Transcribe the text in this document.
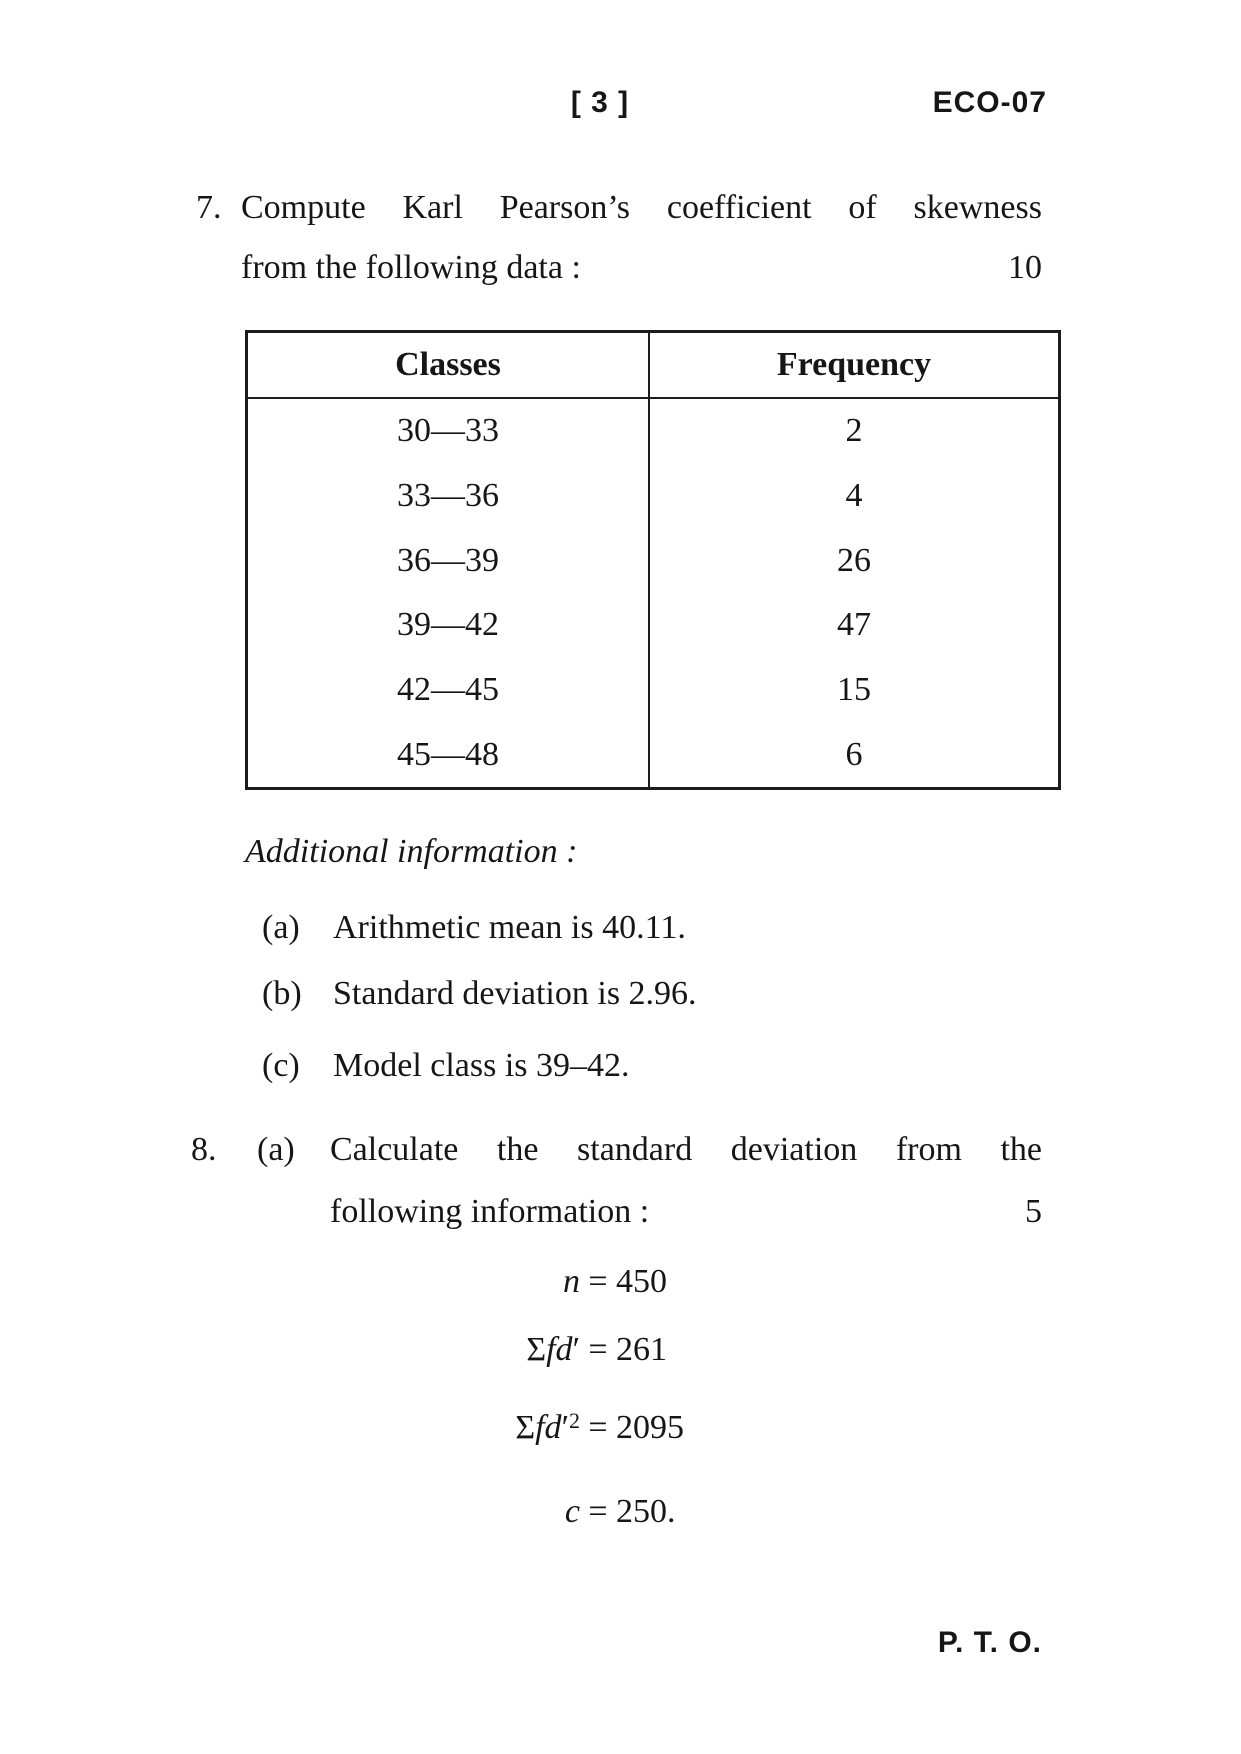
[ 3 ]	ECO-07
7. Compute Karl Pearson’s coefficient of skewness
from the following data :	10
Classes	Frequency
30—33	2
33—36	4
36—39	26
39—42	47
42—45	15
45—48	6
Additional information :
(a) Arithmetic mean is 40.11.
(b) Standard deviation is 2.96.
(c) Model class is 39–42.
8. (a) Calculate the standard deviation from the
following information :	5
n = 450
Σfd′ = 261
$\Sigma fd'^2 = 2095$
c = 250.
P. T. O.
